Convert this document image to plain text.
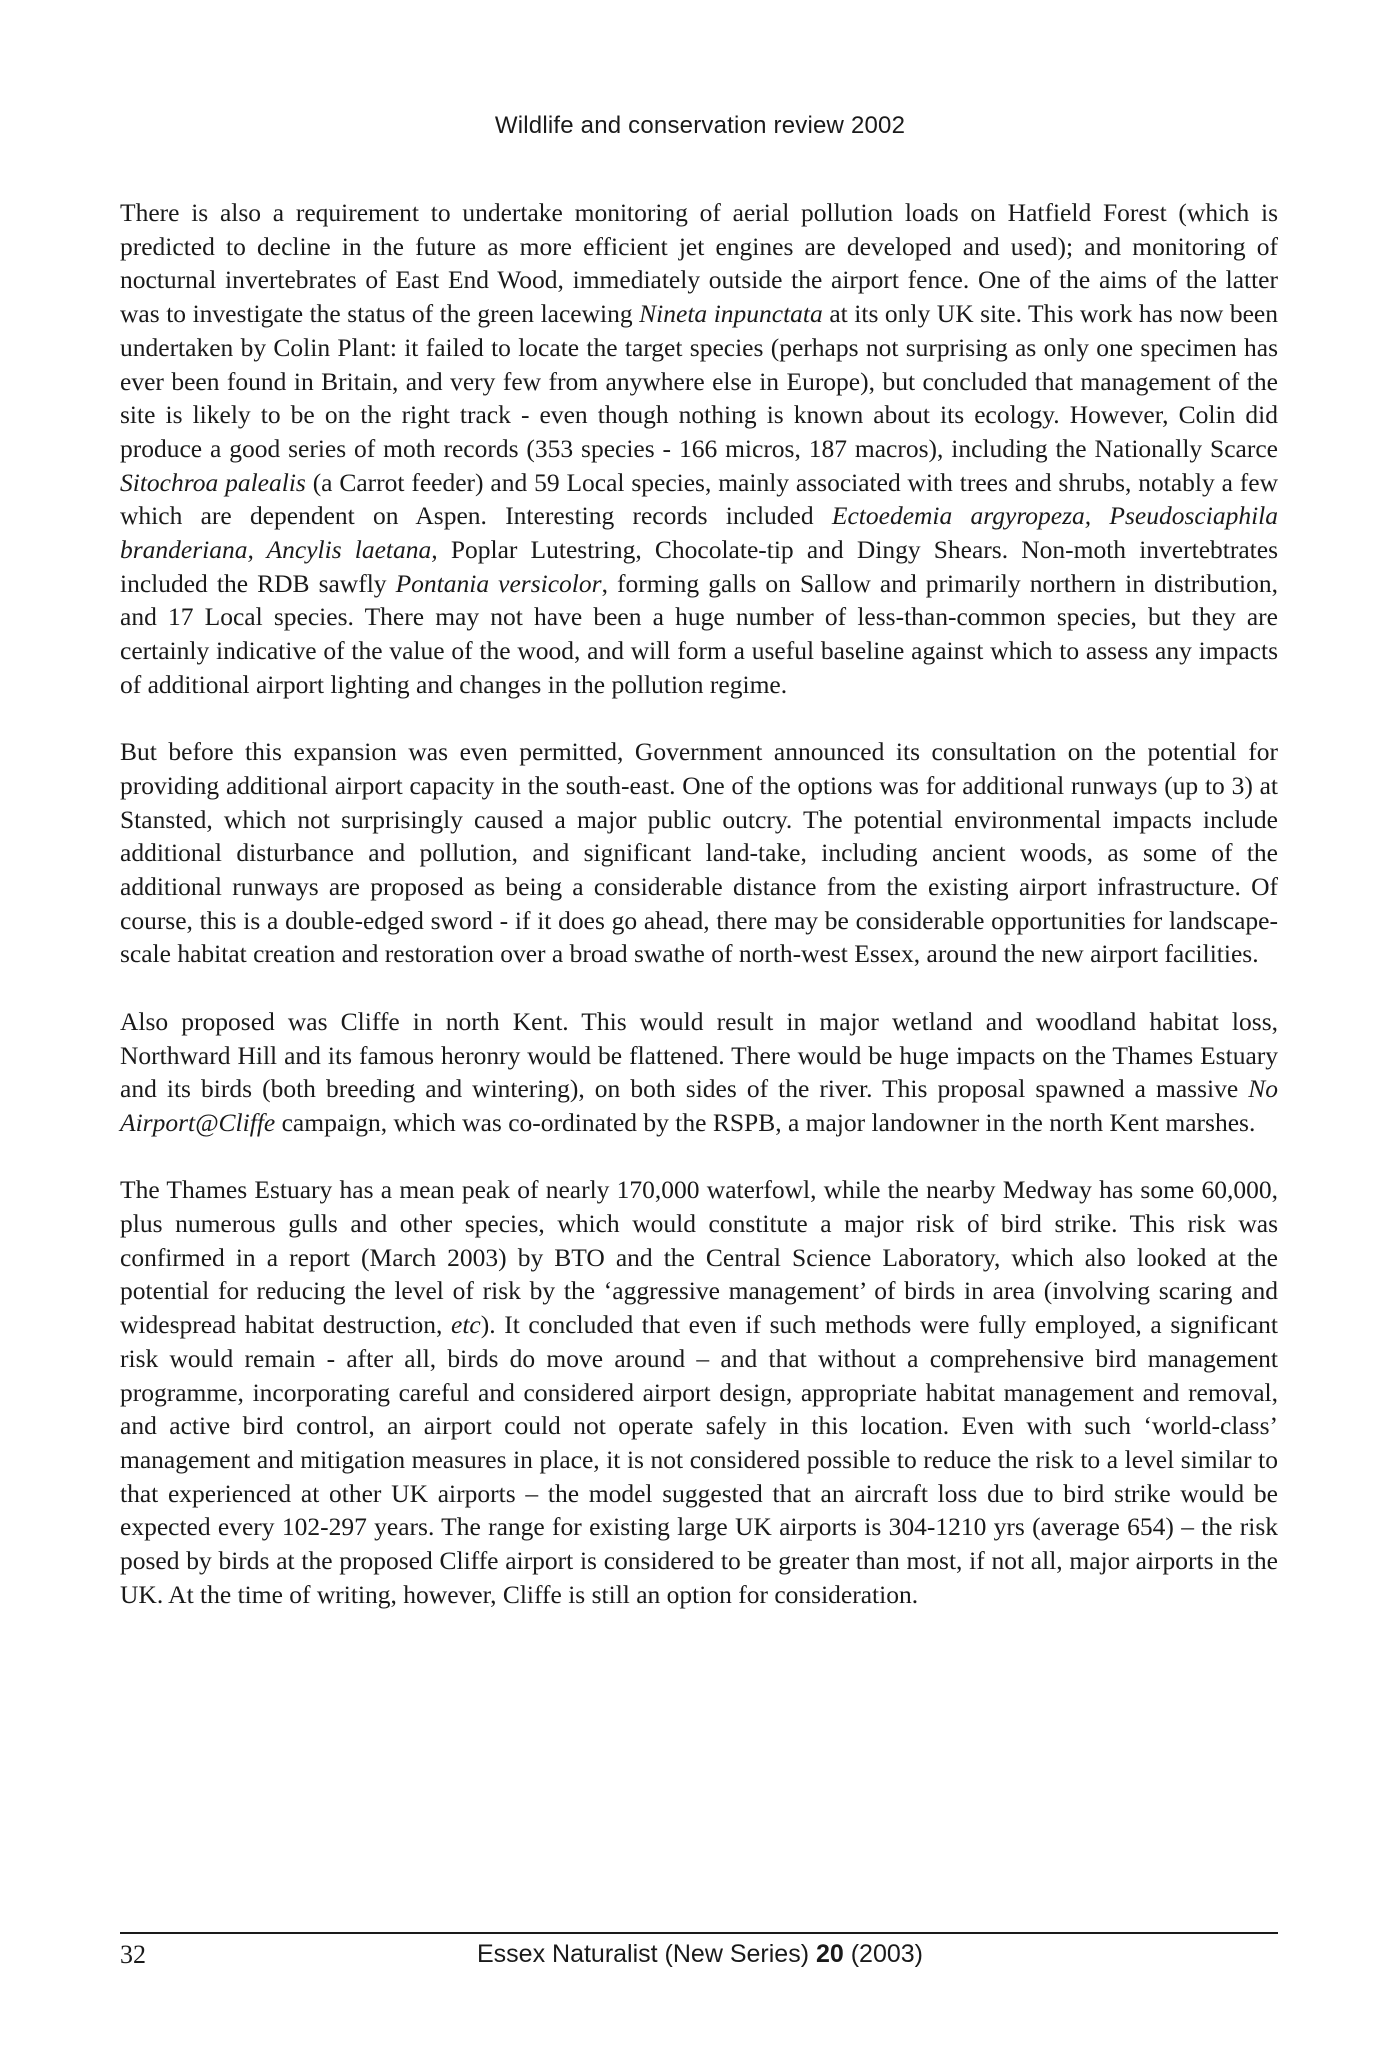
Wildlife and conservation review 2002

There is also a requirement to undertake monitoring of aerial pollution loads on Hatfield Forest (which is predicted to decline in the future as more efficient jet engines are developed and used); and monitoring of nocturnal invertebrates of East End Wood, immediately outside the airport fence. One of the aims of the latter was to investigate the status of the green lacewing Nineta inpunctata at its only UK site. This work has now been undertaken by Colin Plant: it failed to locate the target species (perhaps not surprising as only one specimen has ever been found in Britain, and very few from anywhere else in Europe), but concluded that management of the site is likely to be on the right track - even though nothing is known about its ecology. However, Colin did produce a good series of moth records (353 species - 166 micros, 187 macros), including the Nationally Scarce Sitochroa palealis (a Carrot feeder) and 59 Local species, mainly associated with trees and shrubs, notably a few which are dependent on Aspen. Interesting records included Ectoedemia argyropeza, Pseudosciaphila branderiana, Ancylis laetana, Poplar Lutestring, Chocolate-tip and Dingy Shears. Non-moth invertebtrates included the RDB sawfly Pontania versicolor, forming galls on Sallow and primarily northern in distribution, and 17 Local species. There may not have been a huge number of less-than-common species, but they are certainly indicative of the value of the wood, and will form a useful baseline against which to assess any impacts of additional airport lighting and changes in the pollution regime.

But before this expansion was even permitted, Government announced its consultation on the potential for providing additional airport capacity in the south-east. One of the options was for additional runways (up to 3) at Stansted, which not surprisingly caused a major public outcry. The potential environmental impacts include additional disturbance and pollution, and significant land-take, including ancient woods, as some of the additional runways are proposed as being a considerable distance from the existing airport infrastructure. Of course, this is a double-edged sword - if it does go ahead, there may be considerable opportunities for landscape-scale habitat creation and restoration over a broad swathe of north-west Essex, around the new airport facilities.

Also proposed was Cliffe in north Kent. This would result in major wetland and woodland habitat loss, Northward Hill and its famous heronry would be flattened. There would be huge impacts on the Thames Estuary and its birds (both breeding and wintering), on both sides of the river. This proposal spawned a massive No Airport@Cliffe campaign, which was co-ordinated by the RSPB, a major landowner in the north Kent marshes.

The Thames Estuary has a mean peak of nearly 170,000 waterfowl, while the nearby Medway has some 60,000, plus numerous gulls and other species, which would constitute a major risk of bird strike. This risk was confirmed in a report (March 2003) by BTO and the Central Science Laboratory, which also looked at the potential for reducing the level of risk by the ‘aggressive management’ of birds in area (involving scaring and widespread habitat destruction, etc). It concluded that even if such methods were fully employed, a significant risk would remain - after all, birds do move around – and that without a comprehensive bird management programme, incorporating careful and considered airport design, appropriate habitat management and removal, and active bird control, an airport could not operate safely in this location. Even with such ‘world-class’ management and mitigation measures in place, it is not considered possible to reduce the risk to a level similar to that experienced at other UK airports – the model suggested that an aircraft loss due to bird strike would be expected every 102-297 years. The range for existing large UK airports is 304-1210 yrs (average 654) – the risk posed by birds at the proposed Cliffe airport is considered to be greater than most, if not all, major airports in the UK. At the time of writing, however, Cliffe is still an option for consideration.

32	Essex Naturalist (New Series) 20 (2003)
